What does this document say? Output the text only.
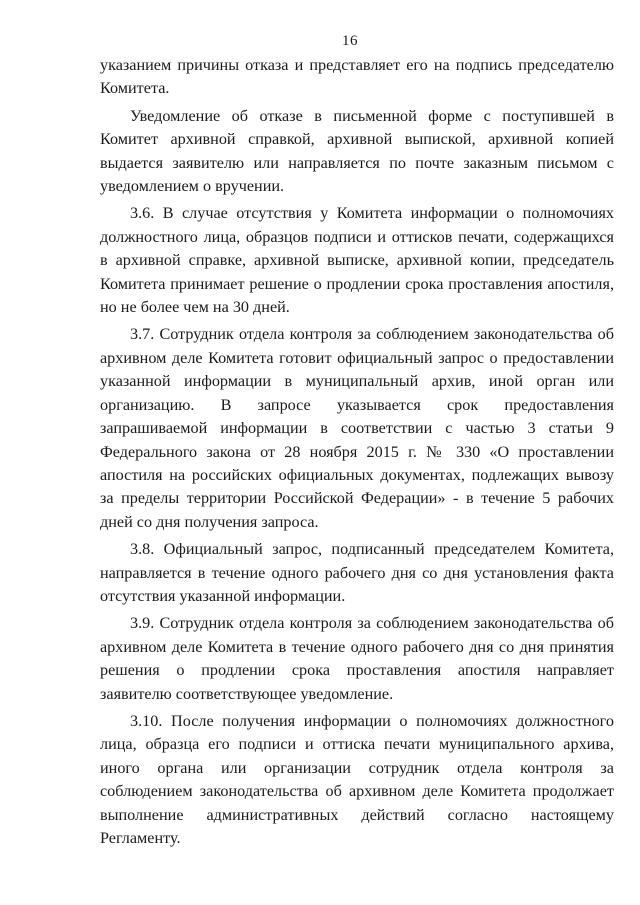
16

указанием причины отказа и представляет его на подпись председателю
Комитета.

Уведомление об отказе в письменной форме с поступившей в
Комитет архивной справкой, архивной выпиской, архивной копией
выдается заявителю или направляется по почте заказным письмом с
уведомлением о вручении.

3.6. В случае отсутствия у Комитета информации о полномочиях
должностного лица, образцов подписи и оттисков печати, содержащихся
в архивной справке, архивной выписке, архивной копии, председатель
Комитета принимает решение о продлении срока проставления апостиля,
но не более чем на 30 дней.

3.7. Сотрудник отдела контроля за соблюдением законодательства об
архивном деле Комитета готовит официальный запрос о предоставлении
указанной информации в муниципальный архив, иной орган или
организацию. В запросе указывается срок предоставления
запрашиваемой информации в соответствии с частью 3 статьи 9
Федерального закона от 28 ноября 2015 г. № 330 «О проставлении
апостиля на российских официальных документах, подлежащих вывозу
за пределы территории Российской Федерации» - в течение 5 рабочих
дней со дня получения запроса.

3.8. Официальный запрос, подписанный председателем Комитета,
направляется в течение одного рабочего дня со дня установления факта
отсутствия указанной информации.

3.9. Сотрудник отдела контроля за соблюдением законодательства об
архивном деле Комитета в течение одного рабочего дня со дня принятия
решения о продлении срока проставления апостиля направляет
заявителю соответствующее уведомление.

3.10. После получения информации о полномочиях должностного
лица, образца его подписи и оттиска печати муниципального архива,
иного органа или организации сотрудник отдела контроля за
соблюдением законодательства об архивном деле Комитета продолжает
выполнение административных действий согласно настоящему
Регламенту.
